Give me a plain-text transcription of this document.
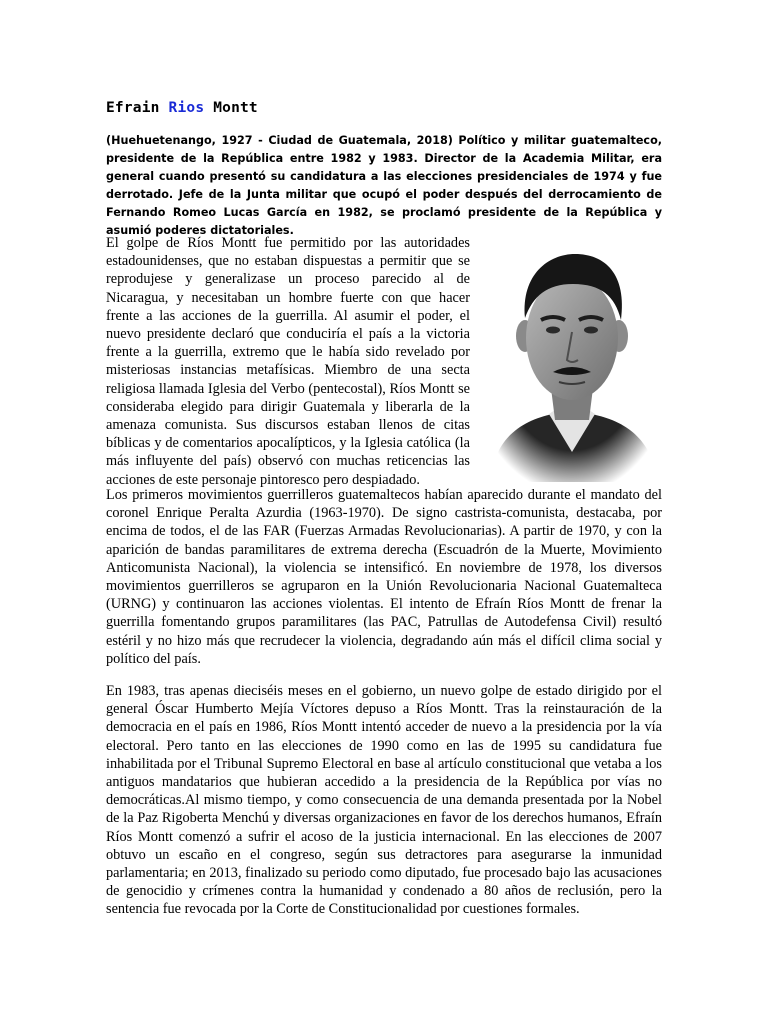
Efrain Rios Montt
(Huehuetenango, 1927 - Ciudad de Guatemala, 2018) Político y militar guatemalteco, presidente de la República entre 1982 y 1983. Director de la Academia Militar, era general cuando presentó su candidatura a las elecciones presidenciales de 1974 y fue derrotado. Jefe de la Junta militar que ocupó el poder después del derrocamiento de Fernando Romeo Lucas García en 1982, se proclamó presidente de la República y asumió poderes dictatoriales.
El golpe de Ríos Montt fue permitido por las autoridades estadounidenses, que no estaban dispuestas a permitir que se reprodujese y generalizase un proceso parecido al de Nicaragua, y necesitaban un hombre fuerte con que hacer frente a las acciones de la guerrilla. Al asumir el poder, el nuevo presidente declaró que conduciría el país a la victoria frente a la guerrilla, extremo que le había sido revelado por misteriosas instancias metafísicas. Miembro de una secta religiosa llamada Iglesia del Verbo (pentecostal), Ríos Montt se consideraba elegido para dirigir Guatemala y liberarla de la amenaza comunista. Sus discursos estaban llenos de citas bíblicas y de comentarios apocalípticos, y la Iglesia católica (la más influyente del país) observó con muchas reticencias las acciones de este personaje pintoresco pero despiadado.
Los primeros movimientos guerrilleros guatemaltecos habían aparecido durante el mandato del coronel Enrique Peralta Azurdia (1963-1970). De signo castrista-comunista, destacaba, por encima de todos, el de las FAR (Fuerzas Armadas Revolucionarias). A partir de 1970, y con la aparición de bandas paramilitares de extrema derecha (Escuadrón de la Muerte, Movimiento Anticomunista Nacional), la violencia se intensificó. En noviembre de 1978, los diversos movimientos guerrilleros se agruparon en la Unión Revolucionaria Nacional Guatemalteca (URNG) y continuaron las acciones violentas. El intento de Efraín Ríos Montt de frenar la guerrilla fomentando grupos paramilitares (las PAC, Patrullas de Autodefensa Civil) resultó estéril y no hizo más que recrudecer la violencia, degradando aún más el difícil clima social y político del país.
En 1983, tras apenas dieciséis meses en el gobierno, un nuevo golpe de estado dirigido por el general Óscar Humberto Mejía Víctores depuso a Ríos Montt. Tras la reinstauración de la democracia en el país en 1986, Ríos Montt intentó acceder de nuevo a la presidencia por la vía electoral. Pero tanto en las elecciones de 1990 como en las de 1995 su candidatura fue inhabilitada por el Tribunal Supremo Electoral en base al artículo constitucional que vetaba a los antiguos mandatarios que hubieran accedido a la presidencia de la República por vías no democráticas.Al mismo tiempo, y como consecuencia de una demanda presentada por la Nobel de la Paz Rigoberta Menchú y diversas organizaciones en favor de los derechos humanos, Efraín Ríos Montt comenzó a sufrir el acoso de la justicia internacional. En las elecciones de 2007 obtuvo un escaño en el congreso, según sus detractores para asegurarse la inmunidad parlamentaria; en 2013, finalizado su periodo como diputado, fue procesado bajo las acusaciones de genocidio y crímenes contra la humanidad y condenado a 80 años de reclusión, pero la sentencia fue revocada por la Corte de Constitucionalidad por cuestiones formales.
